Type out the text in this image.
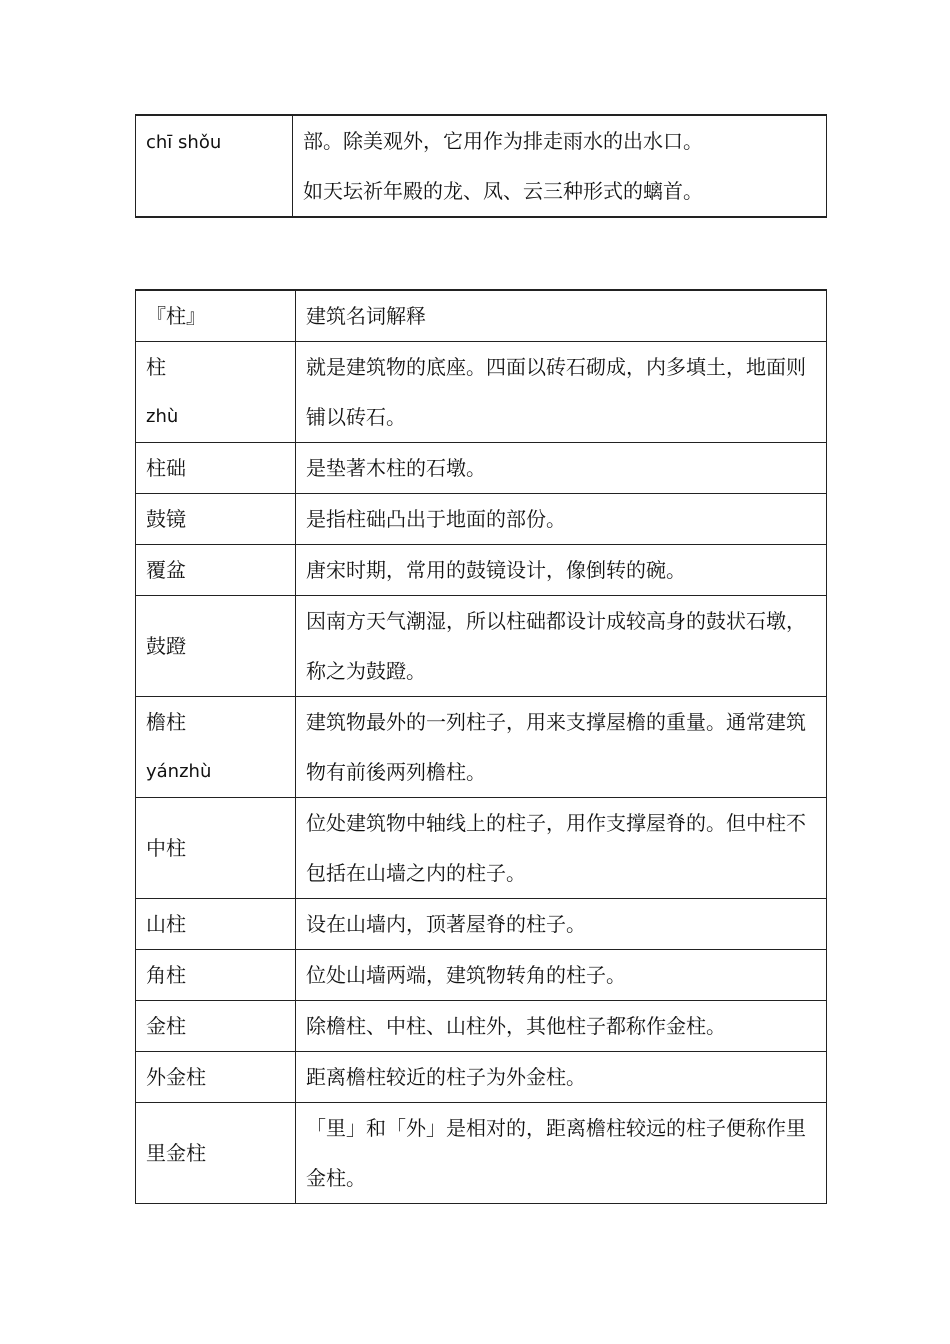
chī shǒu	部。除美观外，它用作为排走雨水的出水口。
如天坛祈年殿的龙、凤、云三种形式的螭首。
『柱』	建筑名词解释

柱
zhù	就是建筑物的底座。四面以砖石砌成，内多填土，地面则铺以砖石。
柱础	是垫著木柱的石墩。
鼓镜	是指柱础凸出于地面的部份。
覆盆	唐宋时期，常用的鼓镜设计，像倒转的碗。
鼓蹬	因南方天气潮湿，所以柱础都设计成较高身的鼓状石墩，称之为鼓蹬。

檐柱
yánzhù	建筑物最外的一列柱子，用来支撑屋檐的重量。通常建筑物有前後两列檐柱。
中柱	位处建筑物中轴线上的柱子，用作支撑屋脊的。但中柱不包括在山墙之内的柱子。
山柱	设在山墙内，顶著屋脊的柱子。
角柱	位处山墙两端，建筑物转角的柱子。
金柱	除檐柱、中柱、山柱外，其他柱子都称作金柱。
外金柱	距离檐柱较近的柱子为外金柱。
里金柱	「里」和「外」是相对的，距离檐柱较远的柱子便称作里金柱。
